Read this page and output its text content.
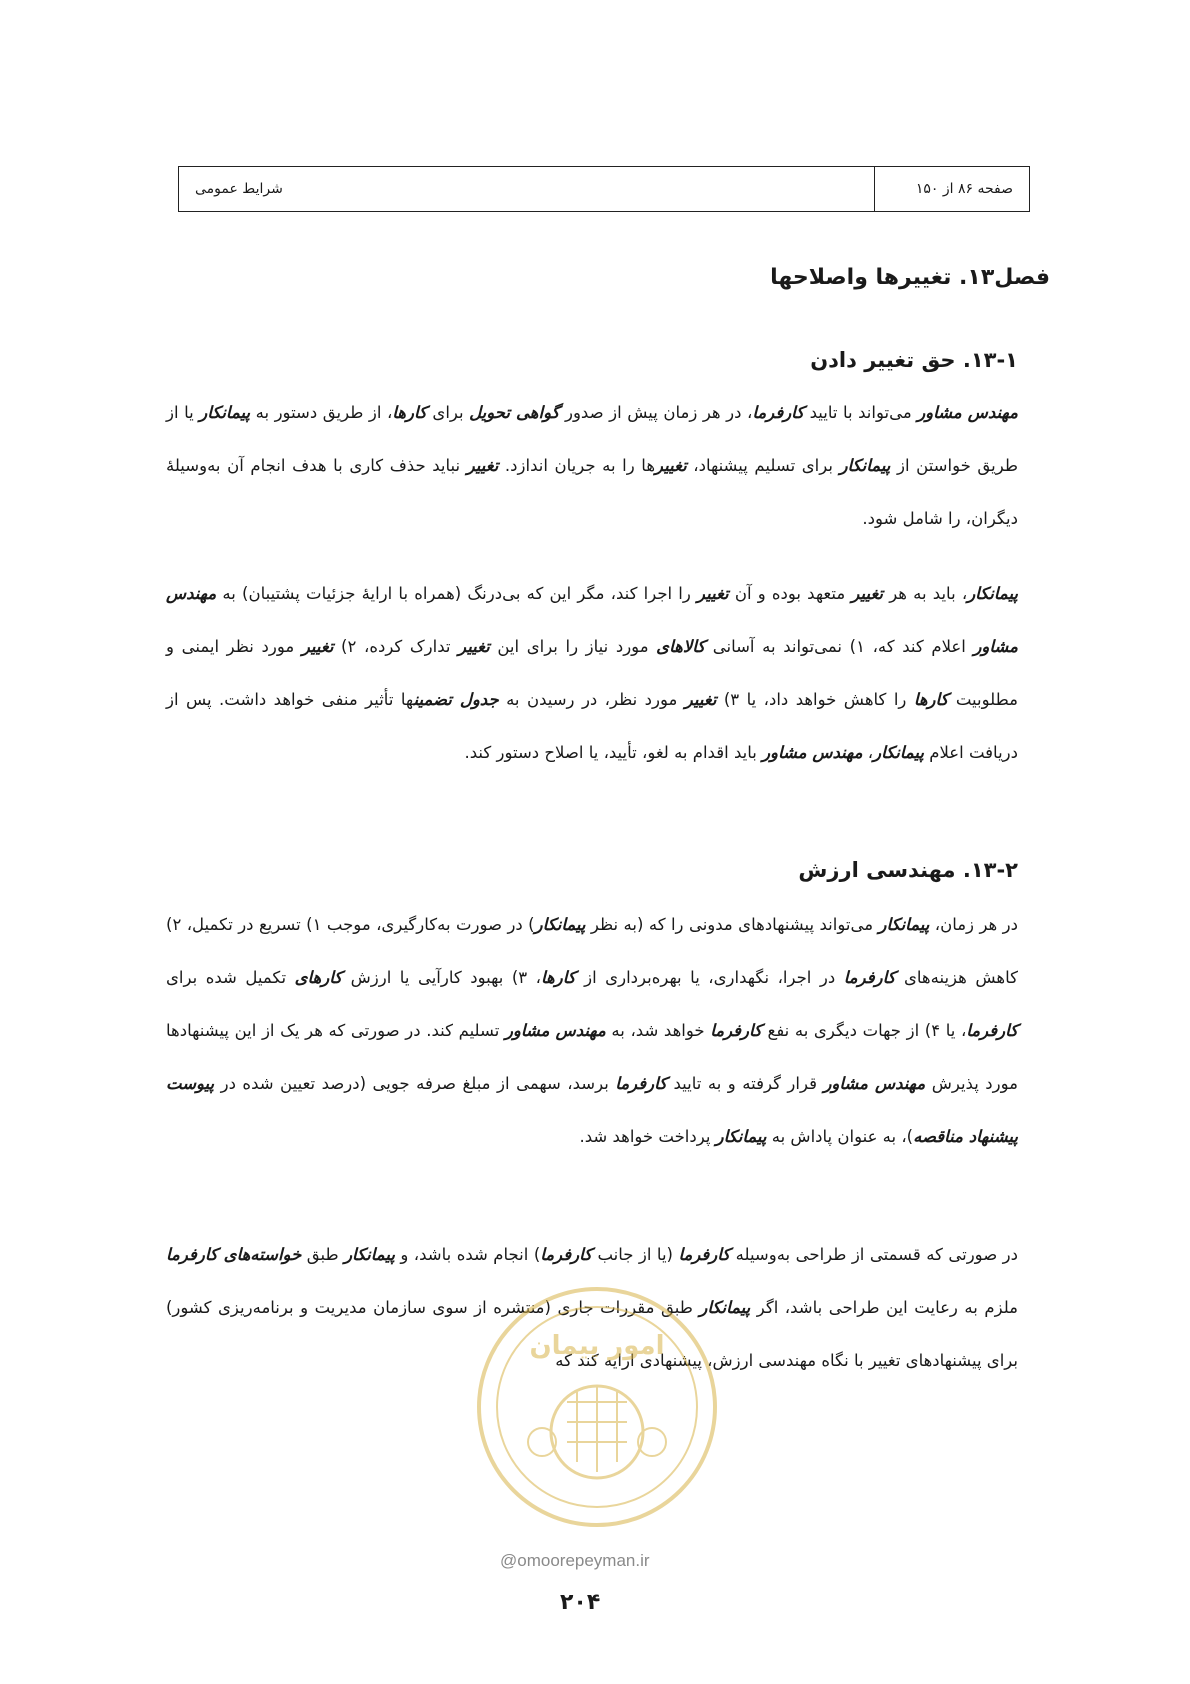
صفحه ۸۶ از ۱۵۰
شرایط عمومی
فصل۱۳. تغییرها واصلاحها
۱۳-۱. حق تغییر دادن

مهندس مشاور می‌تواند با تایید کارفرما، در هر زمان پیش از صدور گواهی تحویل برای کارها، از طریق دستور به پیمانکار یا از طریق خواستن از پیمانکار برای تسلیم پیشنهاد، تغییرها را به جریان اندازد. تغییر نباید حذف کاری با هدف انجام آن به‌وسیلهٔ دیگران، را شامل شود.

پیمانکار، باید به هر تغییر متعهد بوده و آن تغییر را اجرا کند، مگر این که بی‌درنگ (همراه با ارایهٔ جزئیات پشتیبان) به مهندس مشاور اعلام کند که، ۱) نمی‌تواند به آسانی کالاهای مورد نیاز را برای این تغییر تدارک کرده، ۲) تغییر مورد نظر ایمنی و مطلوبیت کارها را کاهش خواهد داد، یا ۳) تغییر مورد نظر، در رسیدن به جدول تضمینها تأثیر منفی خواهد داشت. پس از دریافت اعلام پیمانکار، مهندس مشاور باید اقدام به لغو، تأیید، یا اصلاح دستور کند.

۱۳-۲. مهندسی ارزش

در هر زمان، پیمانکار می‌تواند پیشنهادهای مدونی را که (به نظر پیمانکار) در صورت به‌کارگیری، موجب ۱) تسریع در تکمیل، ۲) کاهش هزینه‌های کارفرما در اجرا، نگهداری، یا بهره‌برداری از کارها، ۳) بهبود کارآیی یا ارزش کارهای تکمیل شده برای کارفرما، یا ۴) از جهات دیگری به نفع کارفرما خواهد شد، به مهندس مشاور تسلیم کند. در صورتی که هر یک از این پیشنهادها مورد پذیرش مهندس مشاور قرار گرفته و به تایید کارفرما برسد، سهمی از مبلغ صرفه جویی (درصد تعیین شده در پیوست پیشنهاد مناقصه)، به عنوان پاداش به پیمانکار پرداخت خواهد شد.

در صورتی که قسمتی از طراحی به‌وسیله کارفرما (یا از جانب کارفرما) انجام شده باشد، و پیمانکار طبق خواسته‌های کارفرما ملزم به رعایت این طراحی باشد، اگر پیمانکار طبق مقررات جاری (منتشره از سوی سازمان مدیریت و برنامه‌ریزی کشور) برای پیشنهادهای تغییر با نگاه مهندسی ارزش، پیشنهادی ارایه کند که

امور پیمان
@omoorepeyman.ir
۲۰۴
